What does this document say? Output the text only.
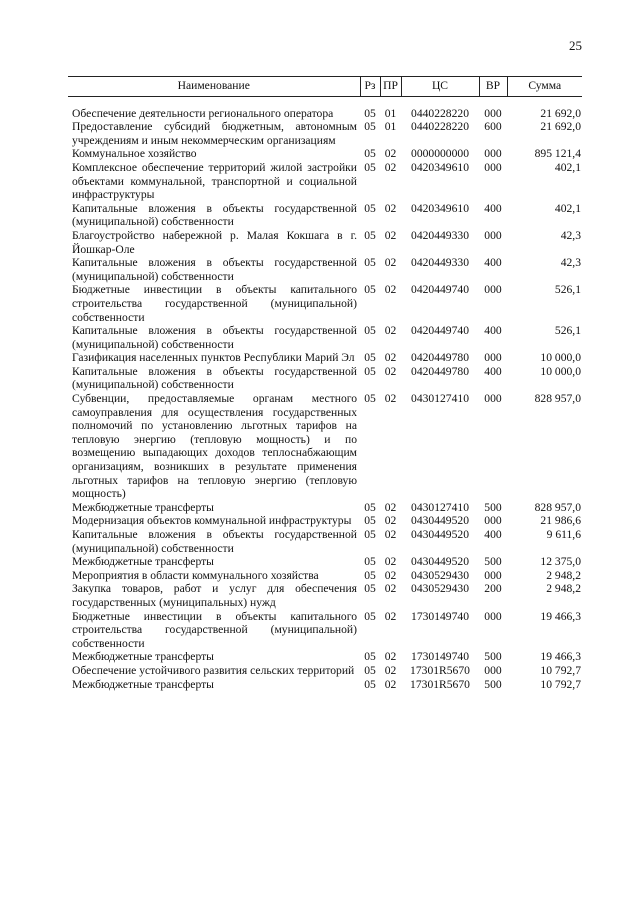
25
Наименование	Рз	ПР	ЦС	ВР	Сумма
Обеспечение деятельности регионального оператора	05	01	0440228220	000	21 692,0
Предоставление субсидий бюджетным, автономным учреждениям и иным некоммерческим организациям	05	01	0440228220	600	21 692,0
Коммунальное хозяйство	05	02	0000000000	000	895 121,4
Комплексное обеспечение территорий жилой застройки объектами коммунальной, транспортной и социальной инфраструктуры	05	02	0420349610	000	402,1
Капитальные вложения в объекты государственной (муниципальной) собственности	05	02	0420349610	400	402,1
Благоустройство набережной р. Малая Кокшага в г. Йошкар-Оле	05	02	0420449330	000	42,3
Капитальные вложения в объекты государственной (муниципальной) собственности	05	02	0420449330	400	42,3
Бюджетные инвестиции в объекты капитального строительства государственной (муниципальной) собственности	05	02	0420449740	000	526,1
Капитальные вложения в объекты государственной (муниципальной) собственности	05	02	0420449740	400	526,1
Газификация населенных пунктов Республики Марий Эл	05	02	0420449780	000	10 000,0
Капитальные вложения в объекты государственной (муниципальной) собственности	05	02	0420449780	400	10 000,0
Субвенции, предоставляемые органам местного самоуправления для осуществления государственных полномочий по установлению льготных тарифов на тепловую энергию (тепловую мощность) и по возмещению выпадающих доходов теплоснабжающим организациям, возникших в результате применения льготных тарифов на тепловую энергию (тепловую мощность)	05	02	0430127410	000	828 957,0
Межбюджетные трансферты	05	02	0430127410	500	828 957,0
Модернизация объектов коммунальной инфраструктуры	05	02	0430449520	000	21 986,6
Капитальные вложения в объекты государственной (муниципальной) собственности	05	02	0430449520	400	9 611,6
Межбюджетные трансферты	05	02	0430449520	500	12 375,0
Мероприятия в области коммунального хозяйства	05	02	0430529430	000	2 948,2
Закупка товаров, работ и услуг для обеспечения государственных (муниципальных) нужд	05	02	0430529430	200	2 948,2
Бюджетные инвестиции в объекты капитального строительства государственной (муниципальной) собственности	05	02	1730149740	000	19 466,3
Межбюджетные трансферты	05	02	1730149740	500	19 466,3
Обеспечение устойчивого развития сельских территорий	05	02	17301R5670	000	10 792,7
Межбюджетные трансферты	05	02	17301R5670	500	10 792,7
